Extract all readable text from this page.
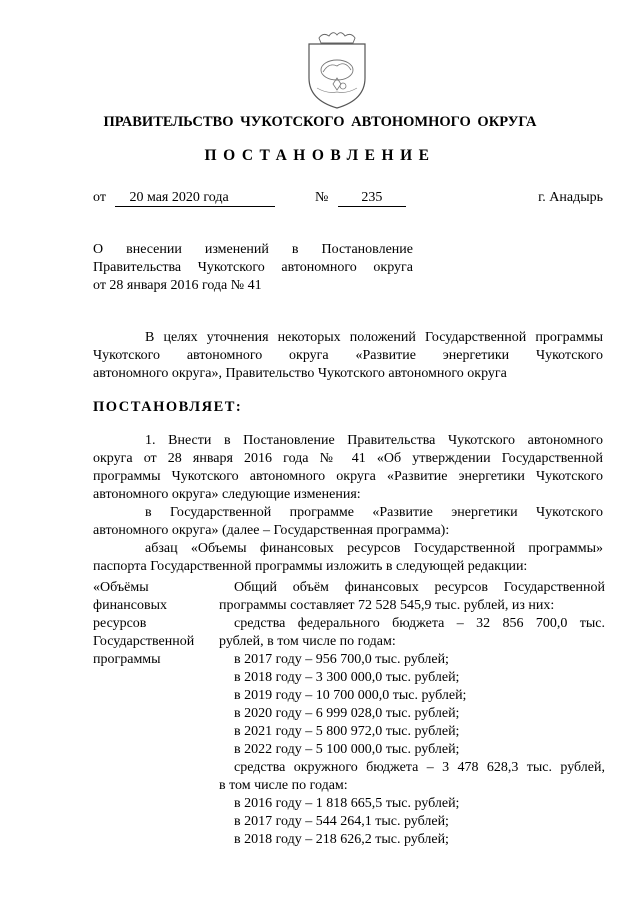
ПРАВИТЕЛЬСТВО ЧУКОТСКОГО АВТОНОМНОГО ОКРУГА
ПОСТАНОВЛЕНИЕ
от 20 мая 2020 года	№ 235	г. Анадырь
О внесении изменений в Постановление
Правительства Чукотского автономного округа
от 28 января 2016 года № 41
В целях уточнения некоторых положений Государственной программы
Чукотского автономного округа «Развитие энергетики Чукотского
автономного округа», Правительство Чукотского автономного округа
ПОСТАНОВЛЯЕТ:
1. Внести в Постановление Правительства Чукотского автономного
округа от 28 января 2016 года № 41 «Об утверждении Государственной
программы Чукотского автономного округа «Развитие энергетики Чукотского
автономного округа» следующие изменения:
в Государственной программе «Развитие энергетики Чукотского
автономного округа» (далее – Государственная программа):
абзац «Объемы финансовых ресурсов Государственной программы»
паспорта Государственной программы изложить в следующей редакции:
«Объёмы
финансовых
ресурсов
Государственной
программы
Общий объём финансовых ресурсов Государственной
программы составляет 72 528 545,9 тыс. рублей, из них:
средства федерального бюджета – 32 856 700,0 тыс.
рублей, в том числе по годам:
в 2017 году – 956 700,0 тыс. рублей;
в 2018 году – 3 300 000,0 тыс. рублей;
в 2019 году – 10 700 000,0 тыс. рублей;
в 2020 году – 6 999 028,0 тыс. рублей;
в 2021 году – 5 800 972,0 тыс. рублей;
в 2022 году – 5 100 000,0 тыс. рублей;
средства окружного бюджета – 3 478 628,3 тыс. рублей,
в том числе по годам:
в 2016 году – 1 818 665,5 тыс. рублей;
в 2017 году – 544 264,1 тыс. рублей;
в 2018 году – 218 626,2 тыс. рублей;
